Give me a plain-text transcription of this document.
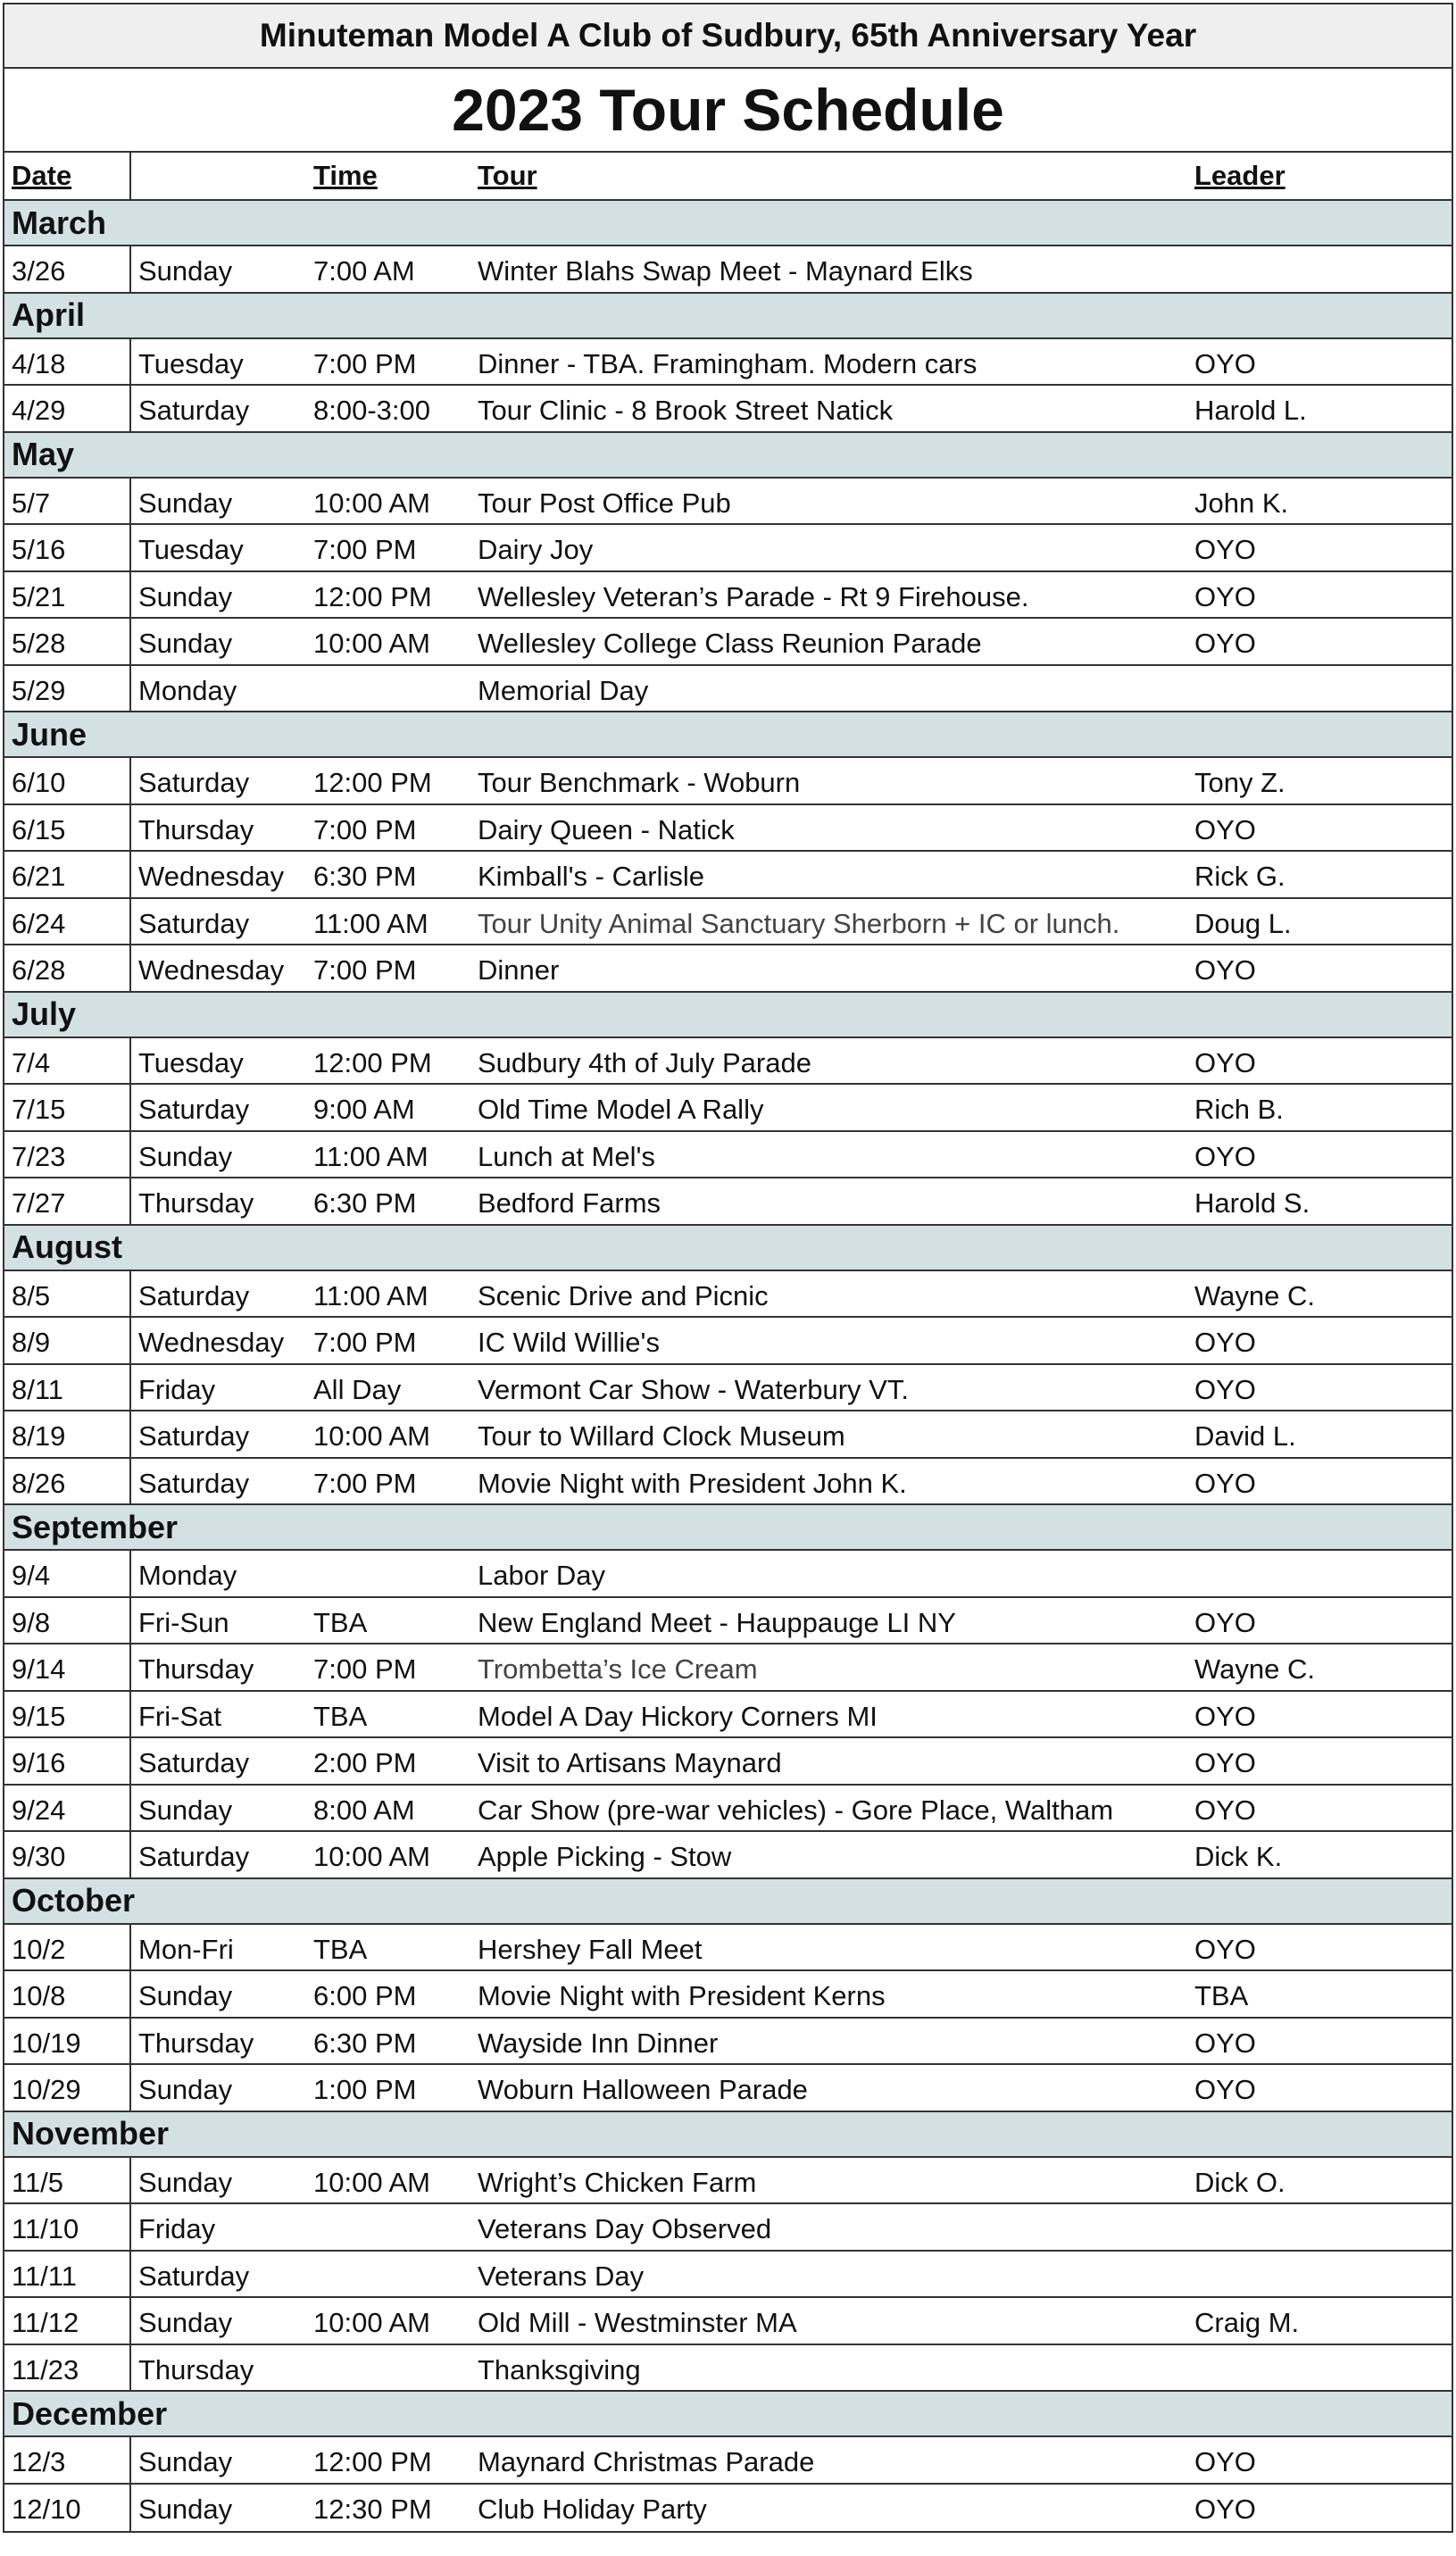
Minuteman Model A Club of Sudbury, 65th Anniversary Year
2023 Tour Schedule
Date	Time	Tour	Leader
March
3/26	Sunday	7:00 AM Winter Blahs Swap Meet - Maynard Elks
April
4/18	Tuesday	7:00 PM Dinner - TBA. Framingham. Modern cars	OYO
4/29	Saturday 8:00-3:00 Tour Clinic - 8 Brook Street Natick	Harold L.
May
5/7	Sunday	10:00 AM Tour Post Office Pub	John K.
5/16	Tuesday	7:00 PM Dairy Joy	OYO
5/21	Sunday	12:00 PM Wellesley Veteran’s Parade - Rt 9 Firehouse.	OYO
5/28	Sunday	10:00 AM Wellesley College Class Reunion Parade	OYO
5/29	Monday	Memorial Day
June
6/10	Saturday 12:00 PM Tour Benchmark - Woburn	Tony Z.
6/15	Thursday 7:00 PM Dairy Queen - Natick	OYO
6/21	Wednesday 6:30 PM Kimball's - Carlisle	Rick G.
6/24	Saturday 11:00 AM Tour Unity Animal Sanctuary Sherborn + IC or lunch.	Doug L.
6/28	Wednesday 7:00 PM Dinner	OYO
July
7/4	Tuesday	12:00 PM Sudbury 4th of July Parade	OYO
7/15	Saturday 9:00 AM Old Time Model A Rally	Rich B.
7/23	Sunday	11:00 AM Lunch at Mel's	OYO
7/27	Thursday 6:30 PM Bedford Farms	Harold S.
August
8/5	Saturday 11:00 AM Scenic Drive and Picnic	Wayne C.
8/9	Wednesday 7:00 PM IC Wild Willie's	OYO
8/11	Friday	All Day	Vermont Car Show - Waterbury VT.	OYO
8/19	Saturday 10:00 AM Tour to Willard Clock Museum	David L.
8/26	Saturday 7:00 PM Movie Night with President John K.	OYO
September
9/4	Monday	Labor Day
9/8	Fri-Sun	TBA	New England Meet - Hauppauge LI NY	OYO
9/14	Thursday 7:00 PM Trombetta’s Ice Cream	Wayne C.
9/15	Fri-Sat	TBA	Model A Day Hickory Corners MI	OYO
9/16	Saturday 2:00 PM Visit to Artisans Maynard	OYO
9/24	Sunday	8:00 AM Car Show (pre-war vehicles) - Gore Place, Waltham	OYO
9/30	Saturday 10:00 AM Apple Picking - Stow	Dick K.
October
10/2	Mon-Fri	TBA	Hershey Fall Meet	OYO
10/8	Sunday	6:00 PM Movie Night with President Kerns	TBA
10/19 Thursday 6:30 PM Wayside Inn Dinner	OYO
10/29 Sunday	1:00 PM Woburn Halloween Parade	OYO
November
11/5	Sunday	10:00 AM Wright’s Chicken Farm	Dick O.
11/10 Friday	Veterans Day Observed
11/11 Saturday	Veterans Day
11/12 Sunday	10:00 AM Old Mill - Westminster MA	Craig M.
11/23 Thursday	Thanksgiving
December
12/3	Sunday	12:00 PM Maynard Christmas Parade	OYO
12/10 Sunday	12:30 PM Club Holiday Party	OYO
